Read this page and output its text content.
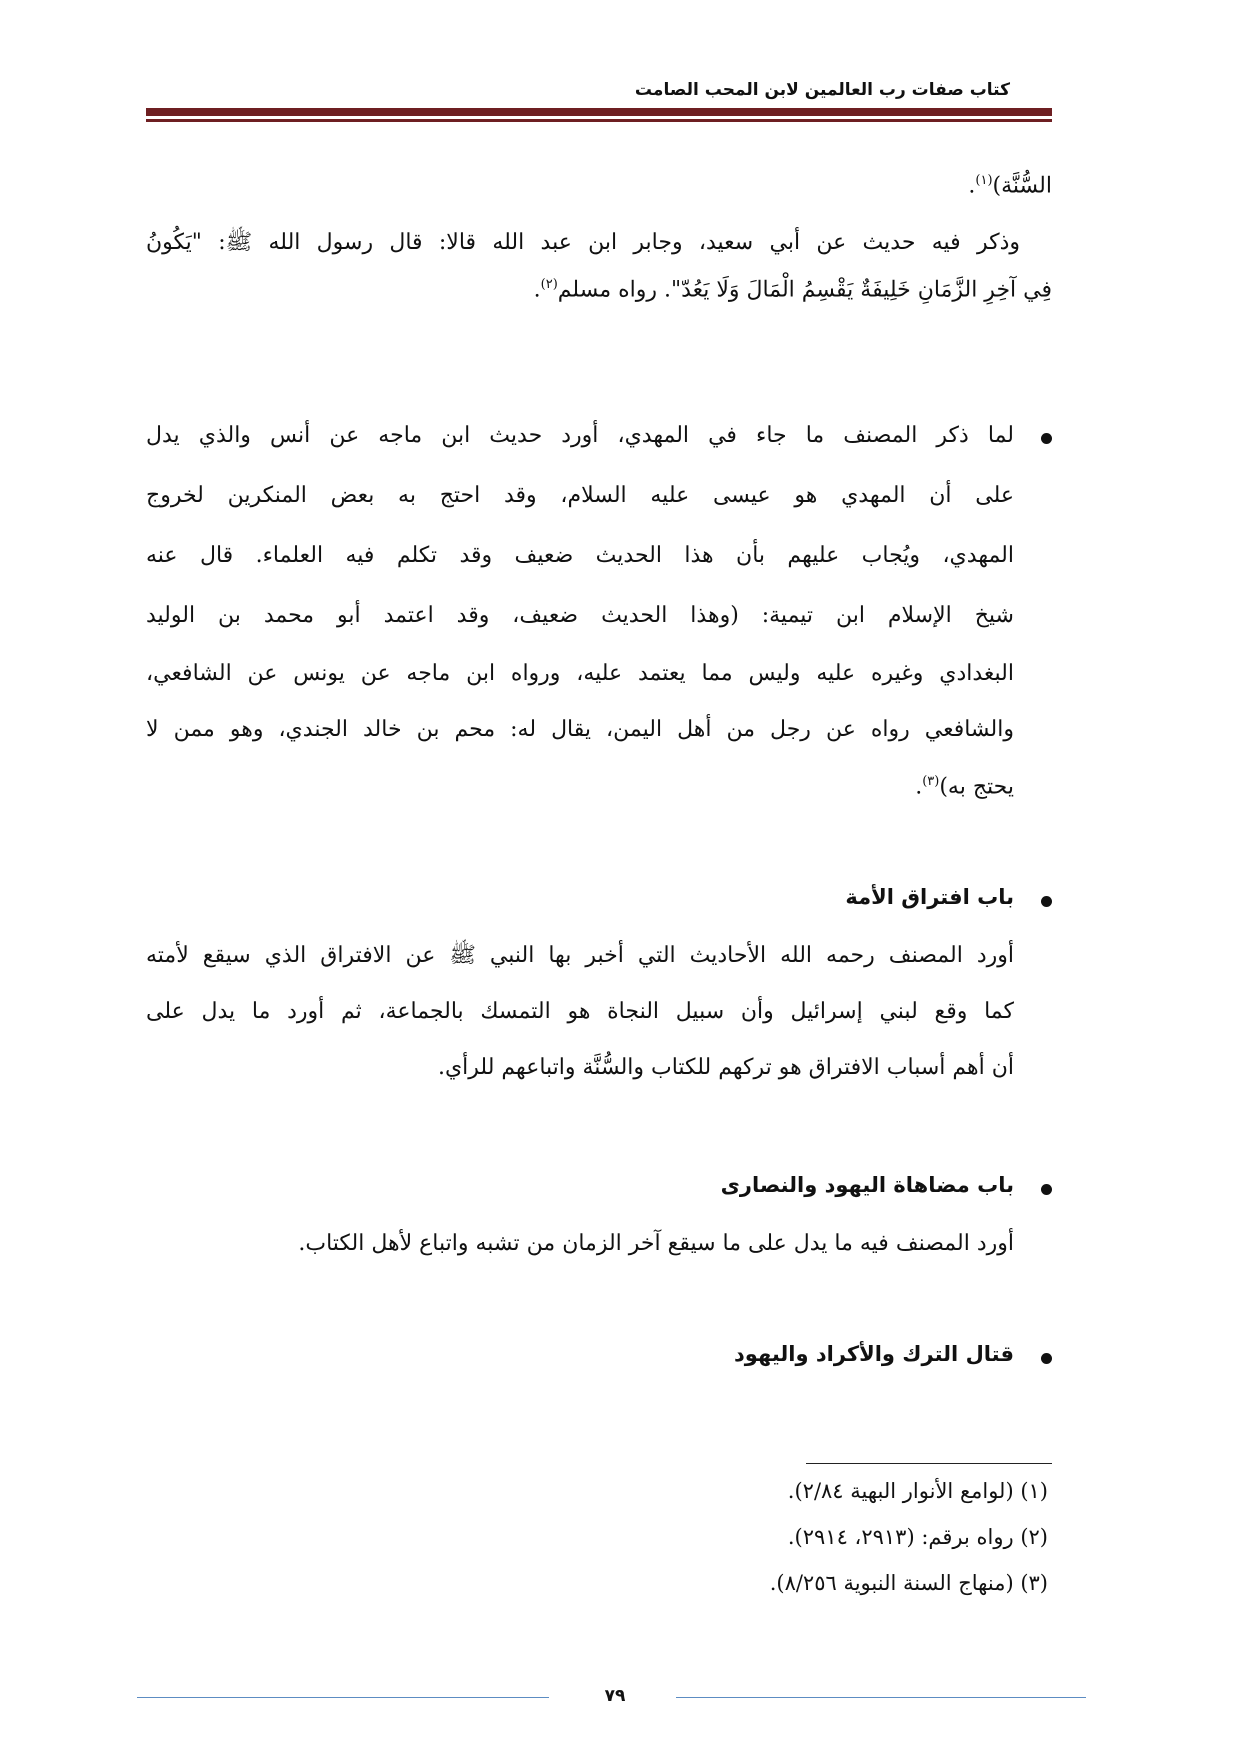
كتاب صفات رب العالمين لابن المحب الصامت
السُّنَّة)$^{(١)}$.
وذكر فيه حديث عن أبي سعيد، وجابر ابن عبد الله قالا: قال رسول الله ﷺ: "يَكُونُ
فِي آخِرِ الزَّمَانِ خَلِيفَةٌ يَقْسِمُ الْمَالَ وَلَا يَعُدّ". رواه مسلم$^{(٢)}$.
لما ذكر المصنف ما جاء في المهدي، أورد حديث ابن ماجه عن أنس والذي يدل
على أن المهدي هو عيسى عليه السلام، وقد احتج به بعض المنكرين لخروج
المهدي، ويُجاب عليهم بأن هذا الحديث ضعيف وقد تكلم فيه العلماء. قال عنه
شيخ الإسلام ابن تيمية: (وهذا الحديث ضعيف، وقد اعتمد أبو محمد بن الوليد
البغدادي وغيره عليه وليس مما يعتمد عليه، ورواه ابن ماجه عن يونس عن الشافعي،
والشافعي رواه عن رجل من أهل اليمن، يقال له: محم بن خالد الجندي، وهو ممن لا
يحتج به)$^{(٣)}$.
باب افتراق الأمة
أورد المصنف رحمه الله الأحاديث التي أخبر بها النبي ﷺ عن الافتراق الذي سيقع لأمته
كما وقع لبني إسرائيل وأن سبيل النجاة هو التمسك بالجماعة، ثم أورد ما يدل على
أن أهم أسباب الافتراق هو تركهم للكتاب والسُّنَّة واتباعهم للرأي.
باب مضاهاة اليهود والنصارى
أورد المصنف فيه ما يدل على ما سيقع آخر الزمان من تشبه واتباع لأهل الكتاب.
قتال الترك والأكراد واليهود
(١) (لوامع الأنوار البهية ٢/٨٤).
(٢) رواه برقم: (٢٩١٣، ٢٩١٤).
(٣) (منهاج السنة النبوية ٨/٢٥٦).
٧٩
